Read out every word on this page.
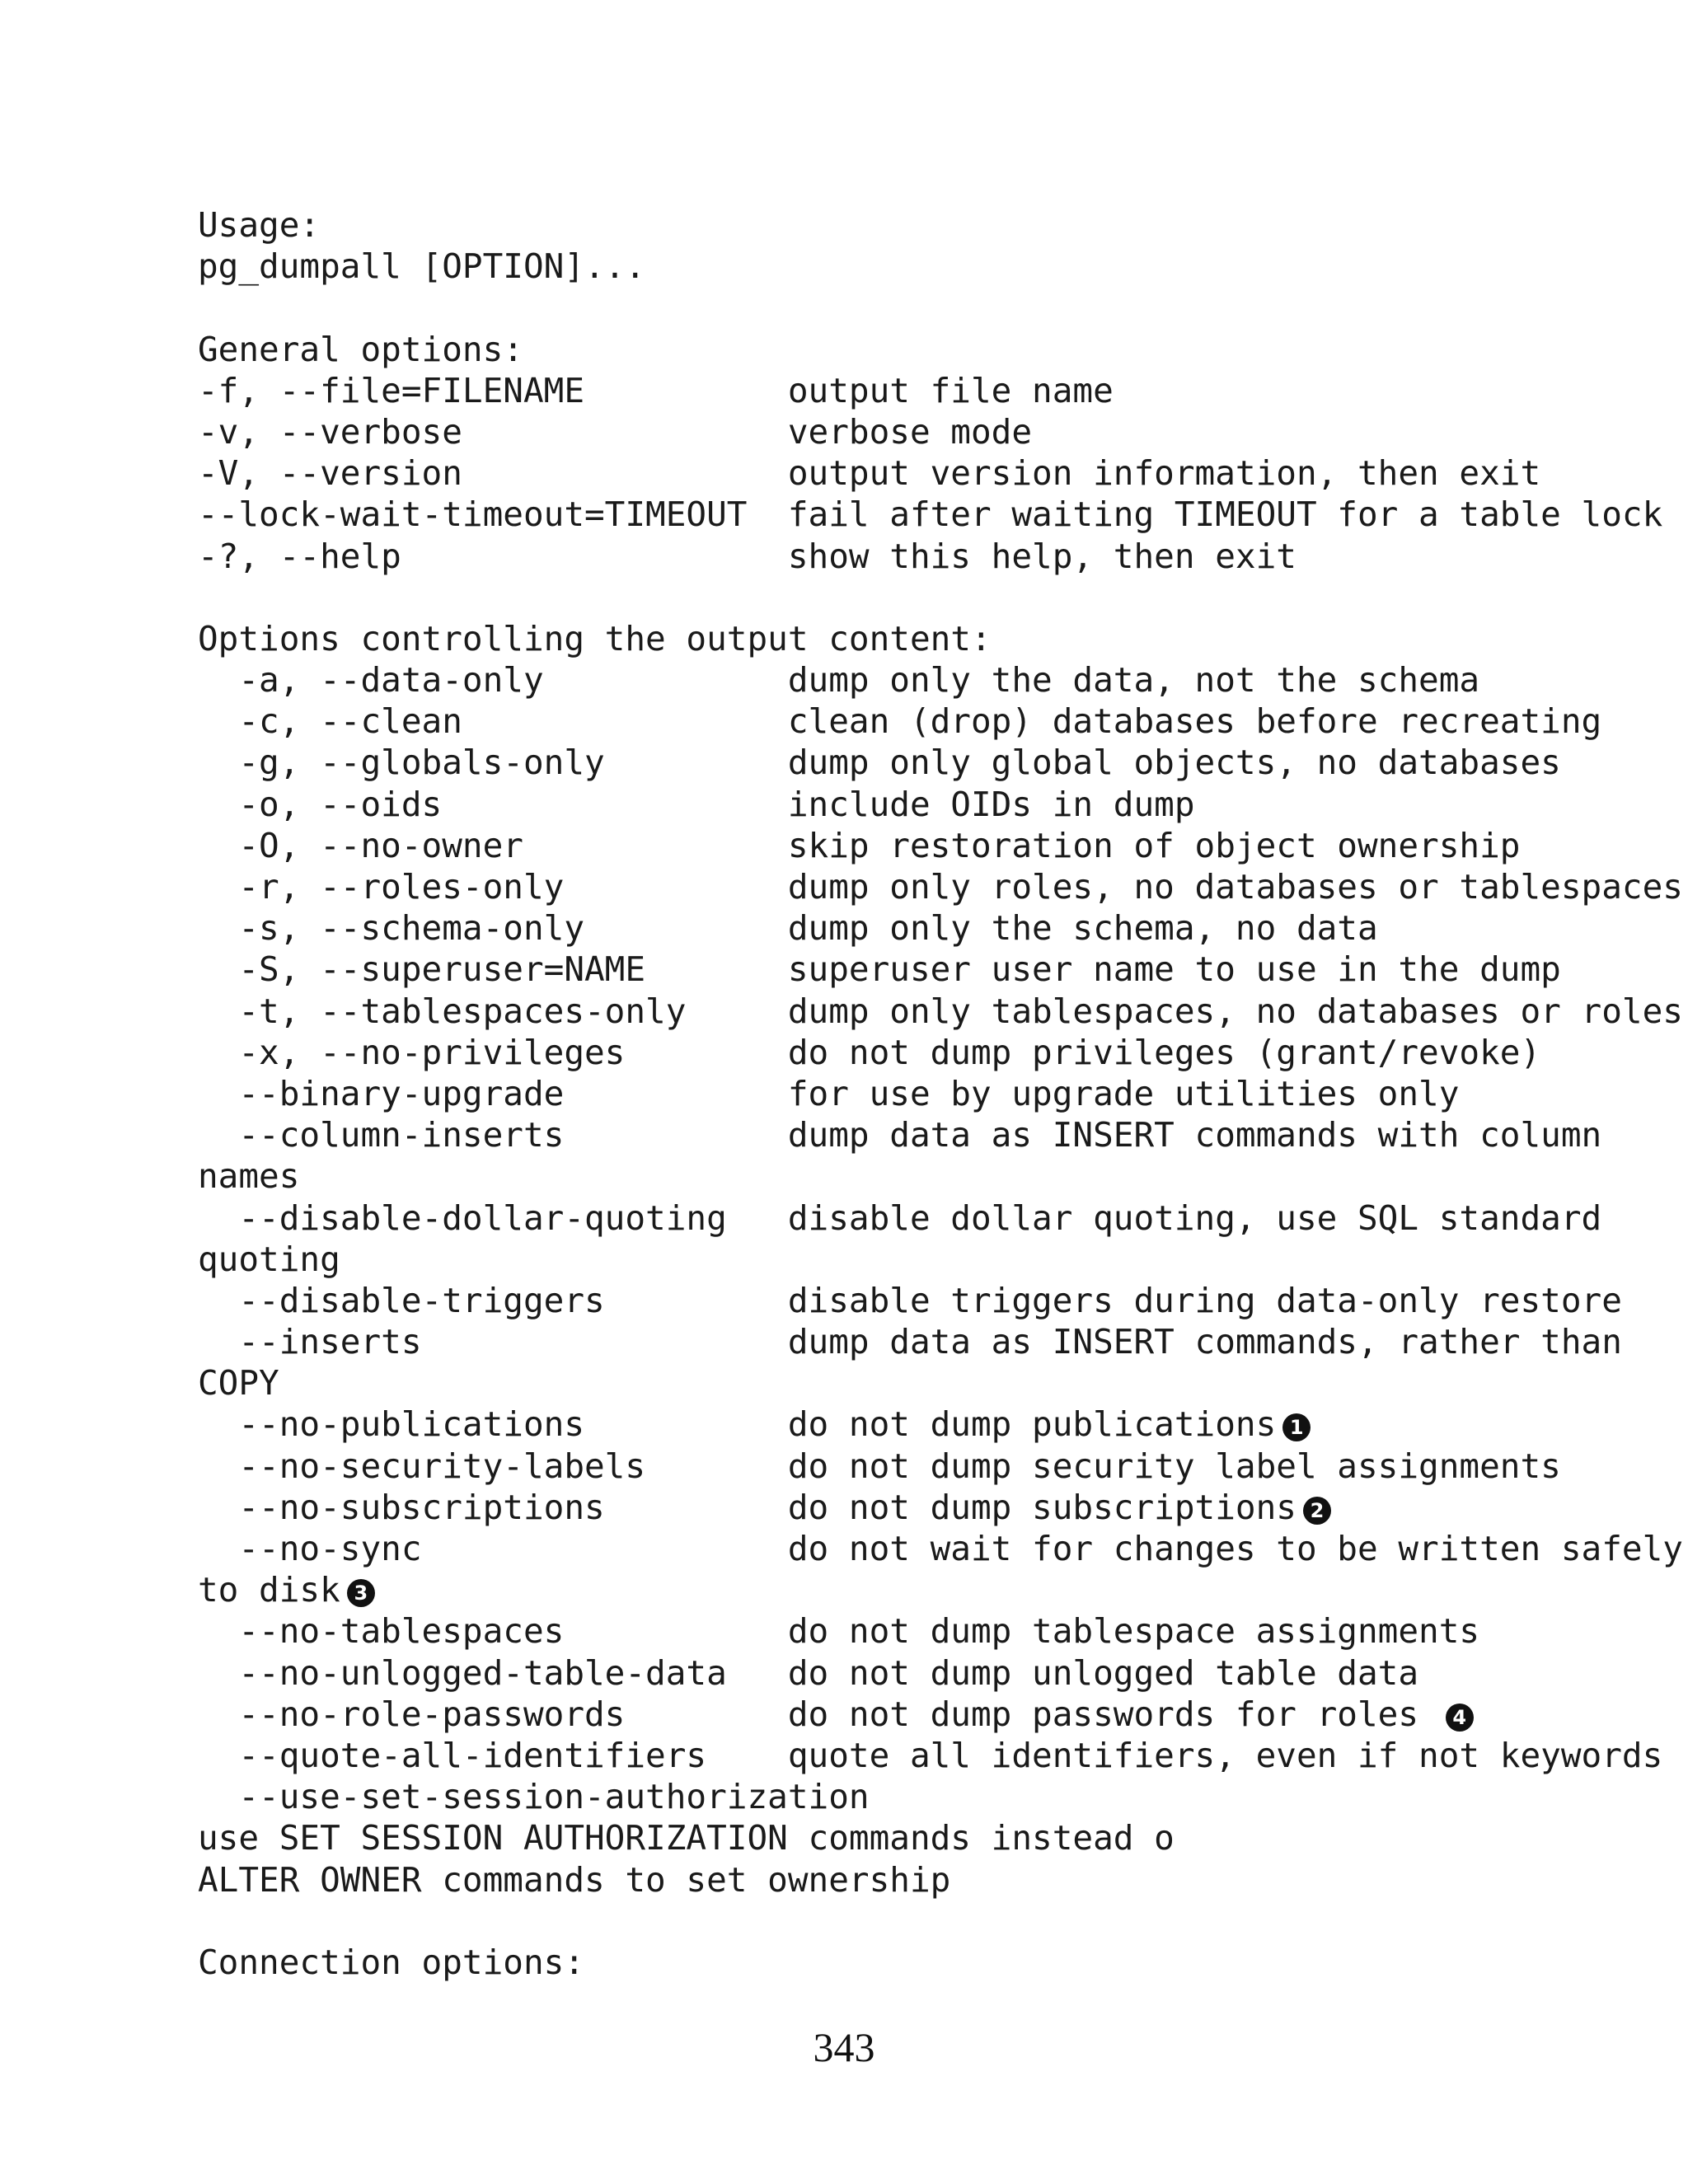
Usage:
pg_dumpall [OPTION]...
General options:
-f, --file=FILENAME          output file name
-v, --verbose                verbose mode
-V, --version                output version information, then exit
--lock-wait-timeout=TIMEOUT  fail after waiting TIMEOUT for a table lock
-?, --help                   show this help, then exit
Options controlling the output content:
-a, --data-only            dump only the data, not the schema
-c, --clean                clean (drop) databases before recreating
-g, --globals-only         dump only global objects, no databases
-o, --oids                 include OIDs in dump
-O, --no-owner             skip restoration of object ownership
-r, --roles-only           dump only roles, no databases or tablespaces
-s, --schema-only          dump only the schema, no data
-S, --superuser=NAME       superuser user name to use in the dump
-t, --tablespaces-only     dump only tablespaces, no databases or roles
-x, --no-privileges        do not dump privileges (grant/revoke)
--binary-upgrade           for use by upgrade utilities only
--column-inserts           dump data as INSERT commands with column
names
--disable-dollar-quoting   disable dollar quoting, use SQL standard
quoting
--disable-triggers         disable triggers during data-only restore
--inserts                  dump data as INSERT commands, rather than
COPY
--no-publications          do not dump publications 1
--no-security-labels       do not dump security label assignments
--no-subscriptions         do not dump subscriptions 2
--no-sync                  do not wait for changes to be written safely
to disk 3
--no-tablespaces           do not dump tablespace assignments
--no-unlogged-table-data   do not dump unlogged table data
--no-role-passwords        do not dump passwords for roles 4
--quote-all-identifiers    quote all identifiers, even if not keywords
--use-set-session-authorization
use SET SESSION AUTHORIZATION commands instead o
ALTER OWNER commands to set ownership
Connection options:
343
